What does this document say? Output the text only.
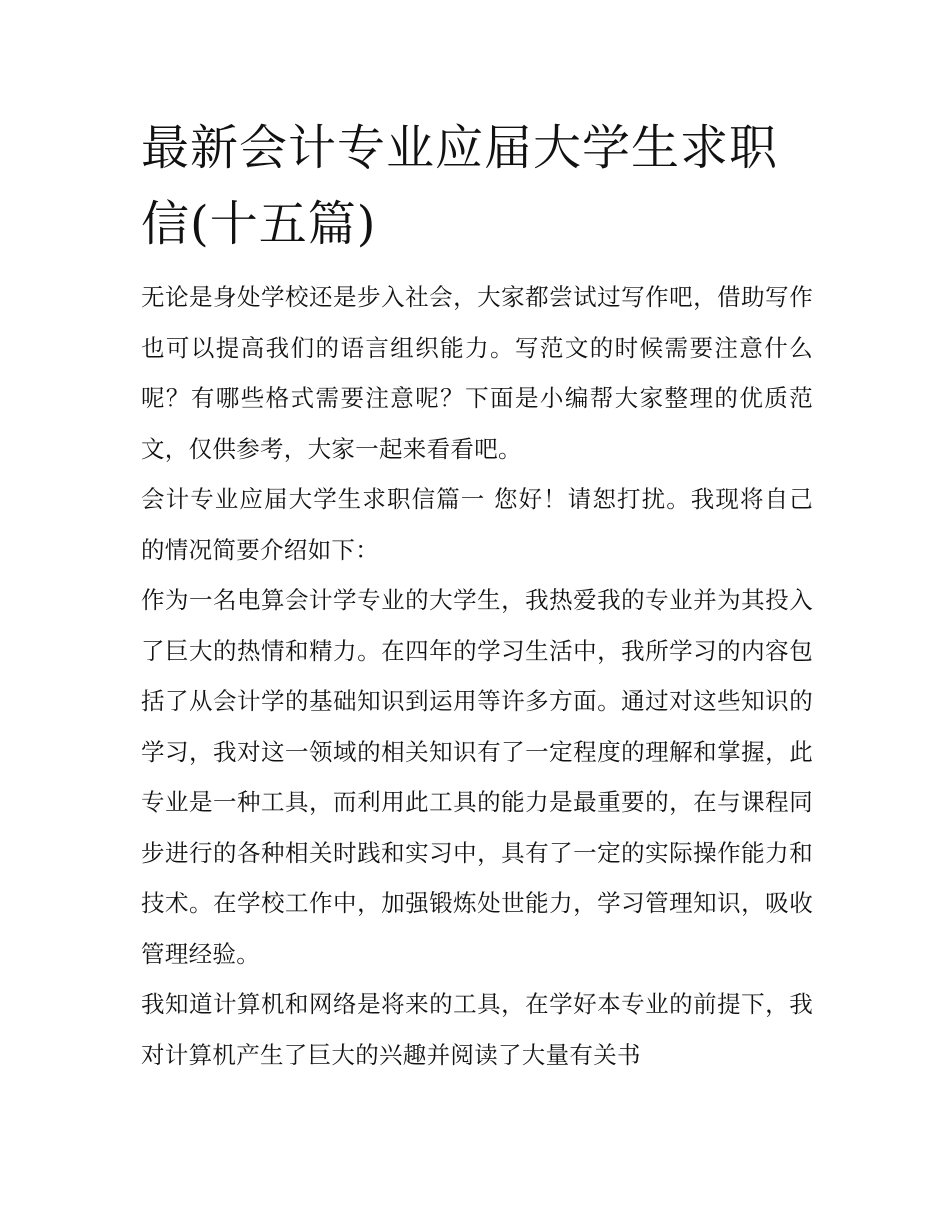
最新会计专业应届大学生求职信(十五篇)

无论是身处学校还是步入社会，大家都尝试过写作吧，借助写作也可以提高我们的语言组织能力。写范文的时候需要注意什么呢？有哪些格式需要注意呢？下面是小编帮大家整理的优质范文，仅供参考，大家一起来看看吧。

会计专业应届大学生求职信篇一 您好！请恕打扰。我现将自己的情况简要介绍如下：

作为一名电算会计学专业的大学生，我热爱我的专业并为其投入了巨大的热情和精力。在四年的学习生活中，我所学习的内容包括了从会计学的基础知识到运用等许多方面。通过对这些知识的学习，我对这一领域的相关知识有了一定程度的理解和掌握，此专业是一种工具，而利用此工具的能力是最重要的，在与课程同步进行的各种相关时践和实习中，具有了一定的实际操作能力和技术。在学校工作中，加强锻炼处世能力，学习管理知识，吸收管理经验。

我知道计算机和网络是将来的工具，在学好本专业的前提下，我对计算机产生了巨大的兴趣并阅读了大量有关书
